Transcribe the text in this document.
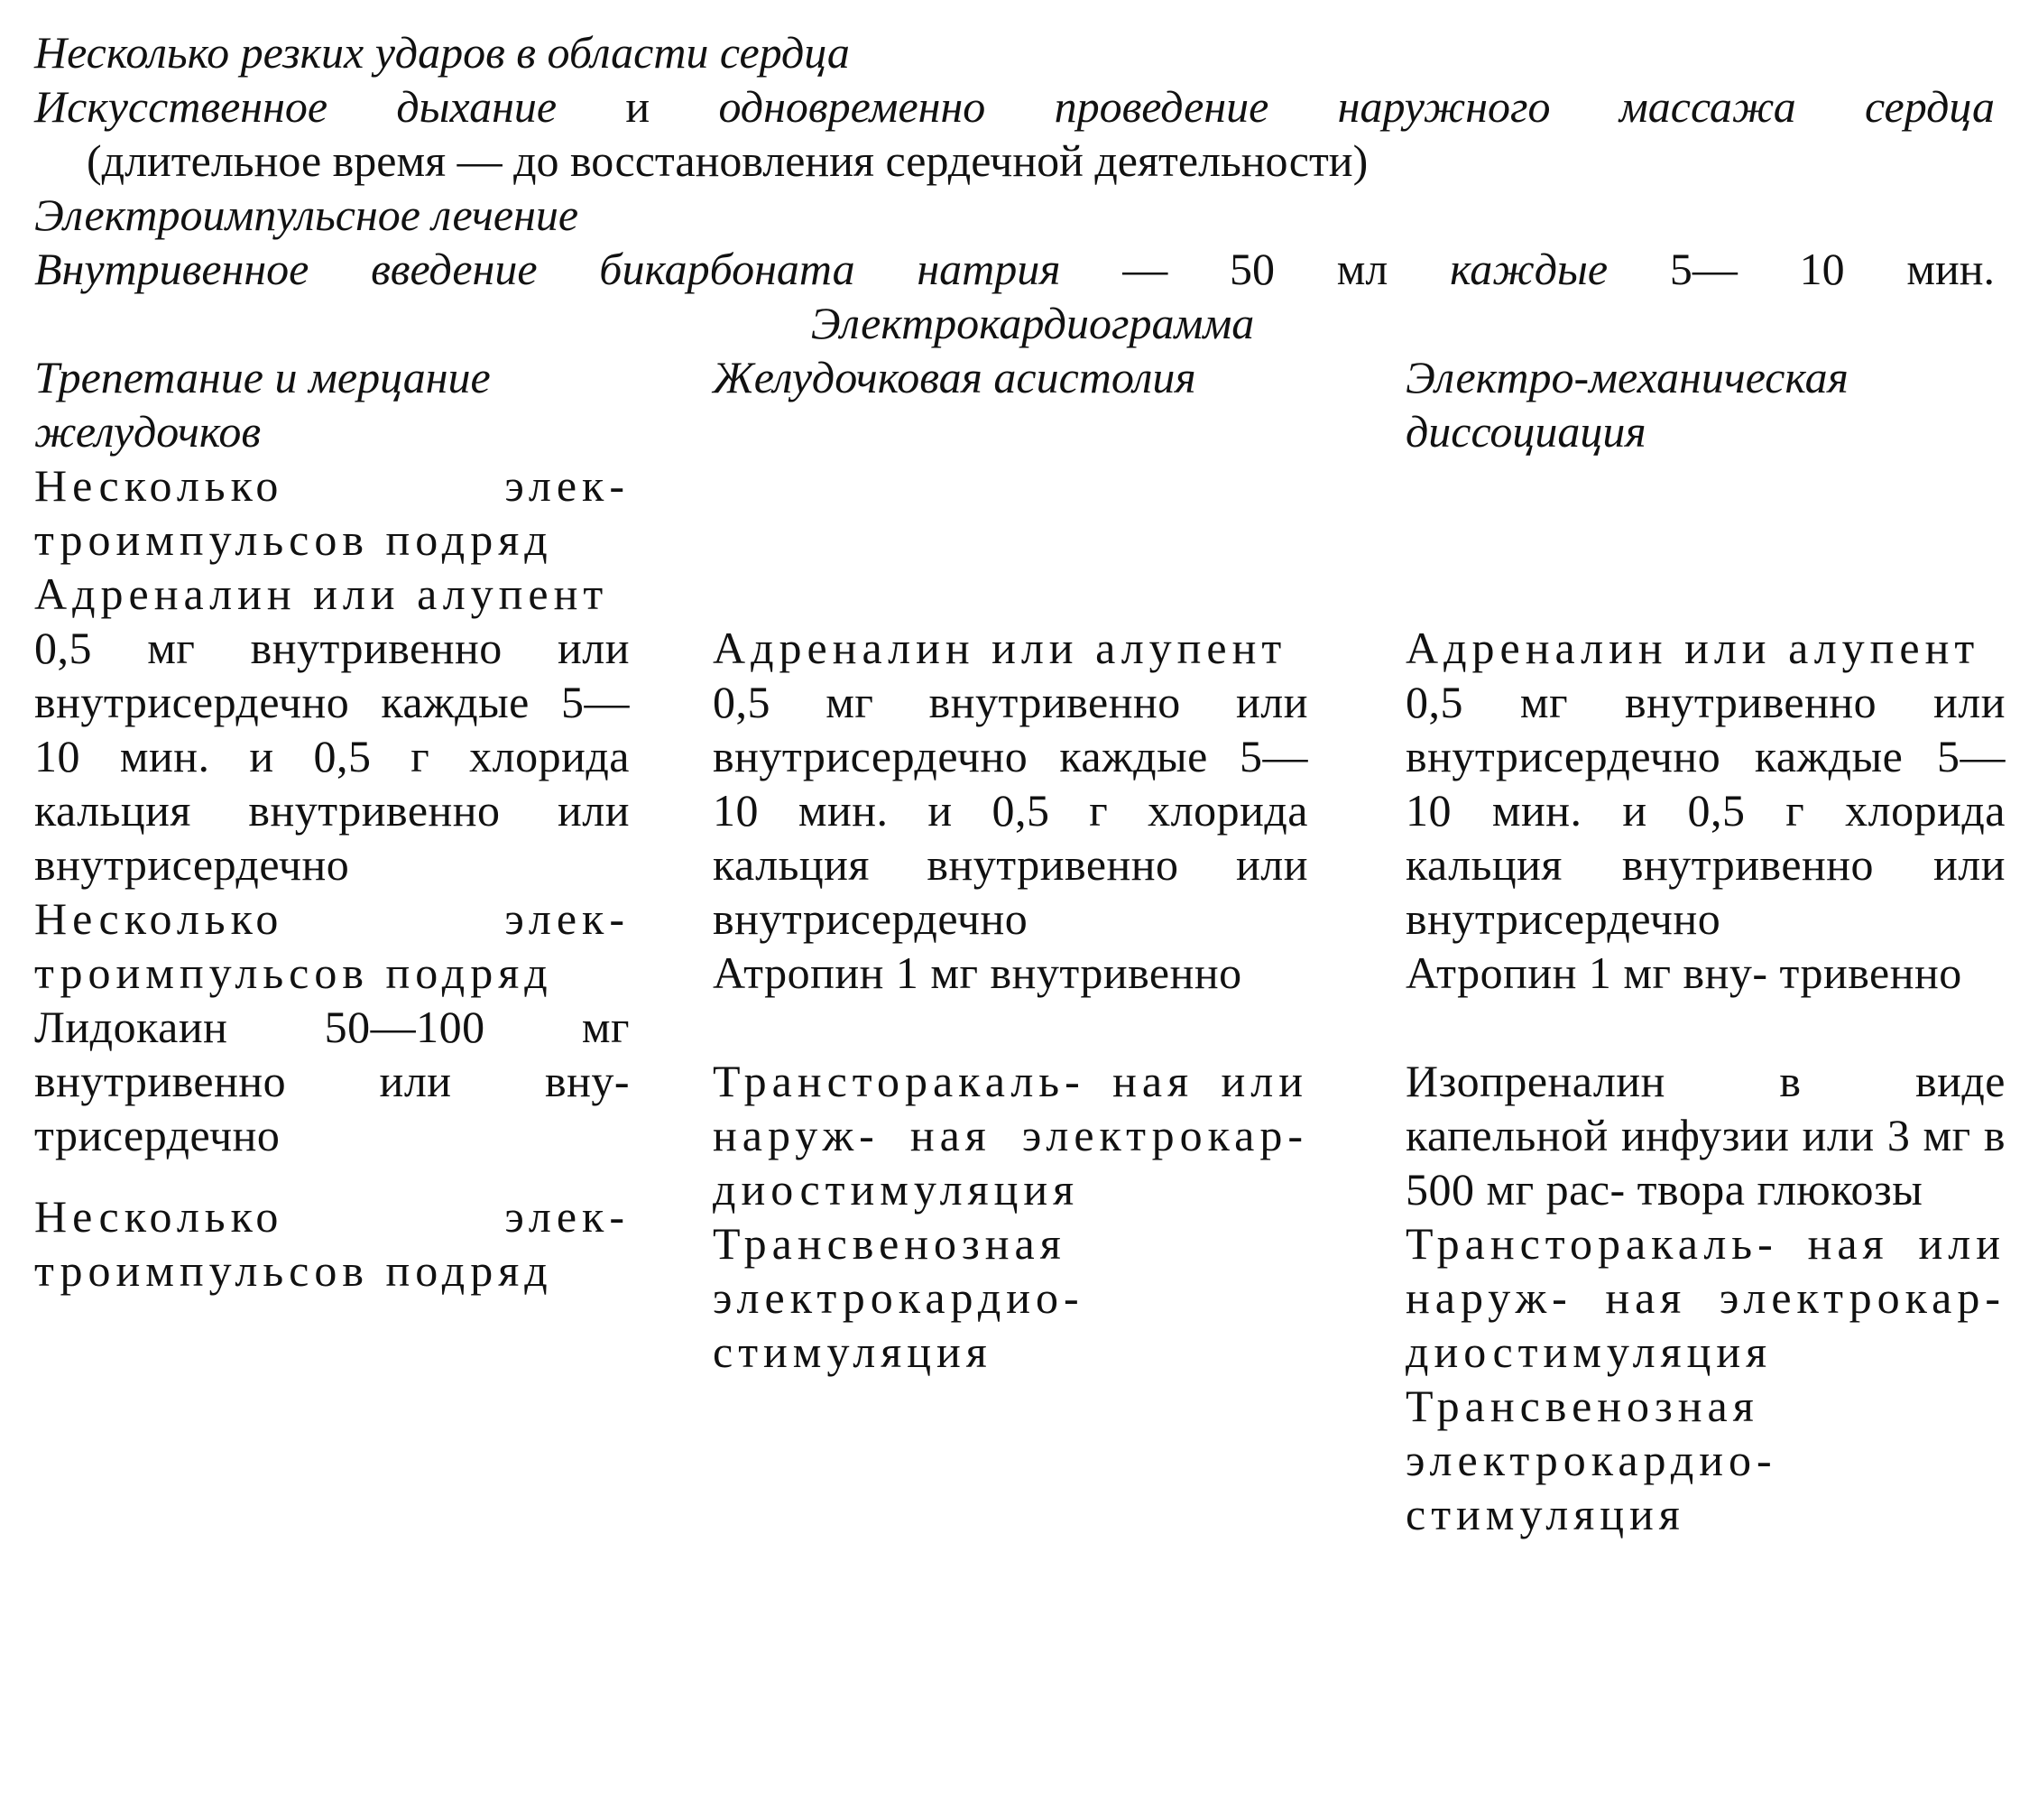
Несколько резких ударов в области сердца
Искусственное дыхание и одновременно проведение наружного массажа сердца
(длительное время — до восстановления сердечной деятельности)
Электроимпульсное лечение
Внутривенное введение бикарбоната натрия — 50 мл каждые 5— 10 мин.
Электрокардиограмма
Трепетание и мерцание желудочков
Несколько элек- троимпульсов подряд
Адреналин или алупент
0,5 мг внутривенно или внутрисердечно каждые 5—10 мин. и 0,5 г хлорида кальция внутривенно или внутрисердечно
Несколько элек- троимпульсов подряд
Лидокаин 50—100 мг внутривенно или вну- трисердечно
Несколько элек- троимпульсов подряд
Желудочковая асистолия
Адреналин или алупент
0,5 мг внутривенно или внутрисердечно каждые 5—10 мин. и 0,5 г хлорида кальция внутривенно или внутрисердечно
Атропин 1 мг внутривенно
Трансторакаль- ная или наруж- ная электрокар- диостимуляция
Трансвенозная электрокардио- стимуляция
Электро-механическая диссоциация
Адреналин или алупент
0,5 мг внутривенно или внутрисердечно каждые 5—10 мин. и 0,5 г хлорида кальция внутривенно или внутрисердечно
Атропин 1 мг вну- тривенно
Изопреналин в виде капельной инфузии или 3 мг в 500 мг рас- твора глюкозы
Трансторакаль- ная или наруж- ная электрокар- диостимуляция
Трансвенозная электрокардио- стимуляция
